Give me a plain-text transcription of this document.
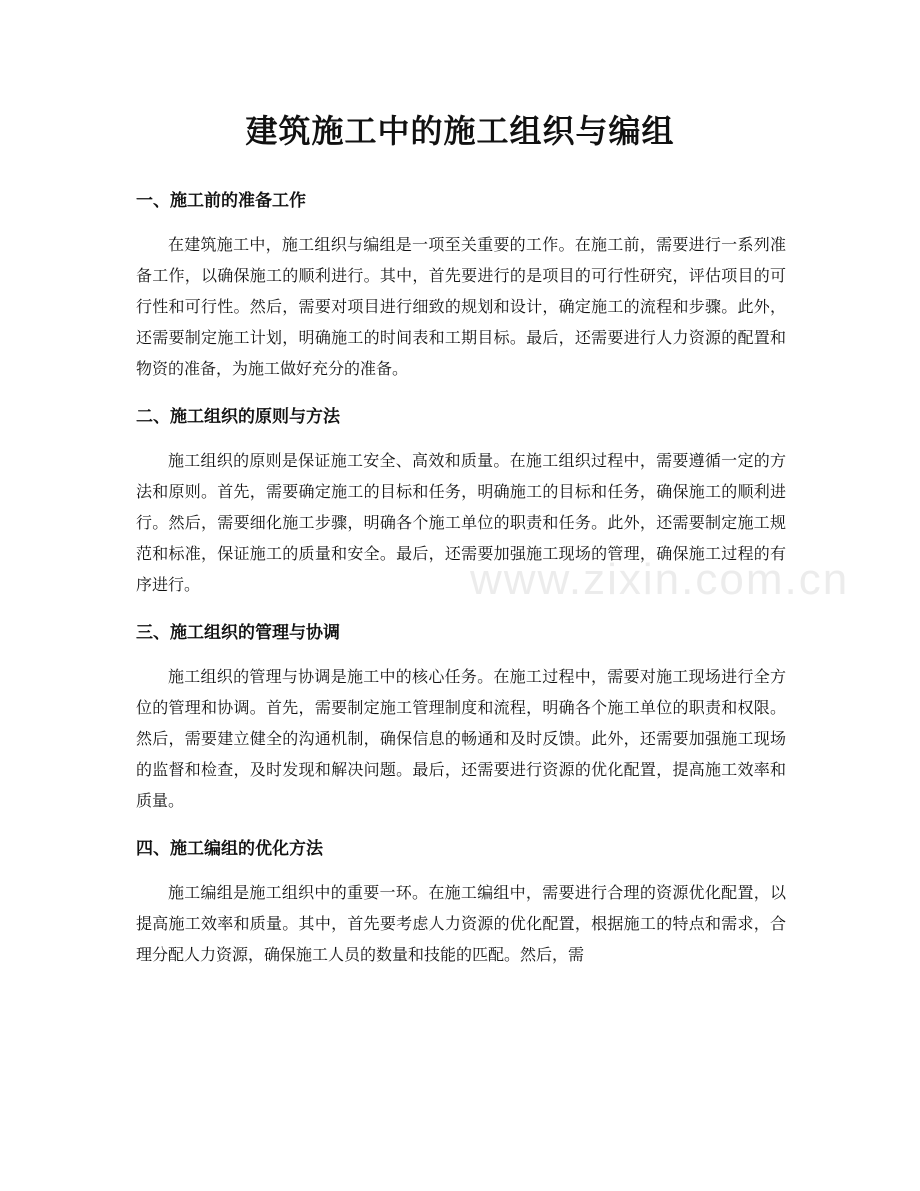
建筑施工中的施工组织与编组
一、施工前的准备工作

在建筑施工中，施工组织与编组是一项至关重要的工作。在施工前，需要进行一系列准备工作，以确保施工的顺利进行。其中，首先要进行的是项目的可行性研究，评估项目的可行性和可行性。然后，需要对项目进行细致的规划和设计，确定施工的流程和步骤。此外，还需要制定施工计划，明确施工的时间表和工期目标。最后，还需要进行人力资源的配置和物资的准备，为施工做好充分的准备。

二、施工组织的原则与方法

施工组织的原则是保证施工安全、高效和质量。在施工组织过程中，需要遵循一定的方法和原则。首先，需要确定施工的目标和任务，明确施工的目标和任务，确保施工的顺利进行。然后，需要细化施工步骤，明确各个施工单位的职责和任务。此外，还需要制定施工规范和标准，保证施工的质量和安全。最后，还需要加强施工现场的管理，确保施工过程的有序进行。

三、施工组织的管理与协调

施工组织的管理与协调是施工中的核心任务。在施工过程中，需要对施工现场进行全方位的管理和协调。首先，需要制定施工管理制度和流程，明确各个施工单位的职责和权限。然后，需要建立健全的沟通机制，确保信息的畅通和及时反馈。此外，还需要加强施工现场的监督和检查，及时发现和解决问题。最后，还需要进行资源的优化配置，提高施工效率和质量。

四、施工编组的优化方法

施工编组是施工组织中的重要一环。在施工编组中，需要进行合理的资源优化配置，以提高施工效率和质量。其中，首先要考虑人力资源的优化配置，根据施工的特点和需求，合理分配人力资源，确保施工人员的数量和技能的匹配。然后，需

www.zixin.com.cn
